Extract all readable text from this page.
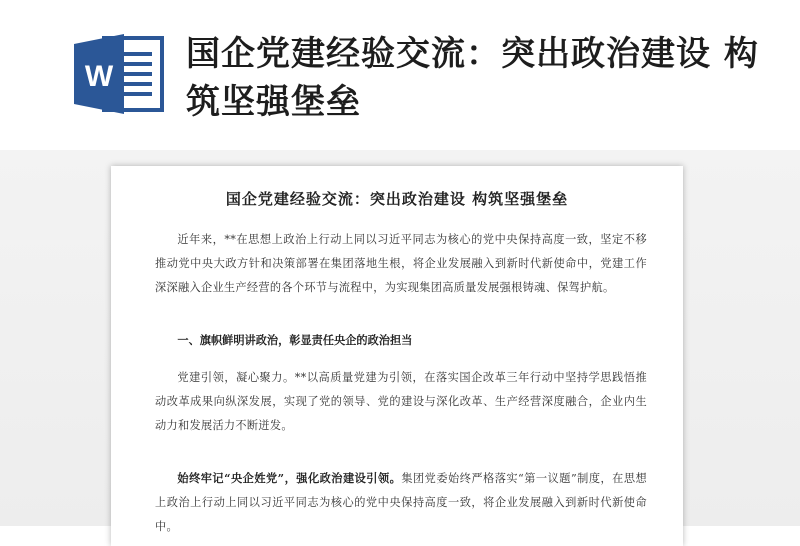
W
国企党建经验交流：突出政治建设 构筑坚强堡垒
国企党建经验交流：突出政治建设 构筑坚强堡垒
近年来，**在思想上政治上行动上同以习近平同志为核心的党中央保持高度一致，坚定不移推动党中央大政方针和决策部署在集团落地生根，将企业发展融入到新时代新使命中，党建工作深深融入企业生产经营的各个环节与流程中，为实现集团高质量发展强根铸魂、保驾护航。
一、旗帜鲜明讲政治，彰显责任央企的政治担当
党建引领，凝心聚力。**以高质量党建为引领，在落实国企改革三年行动中坚持学思践悟推动改革成果向纵深发展，实现了党的领导、党的建设与深化改革、生产经营深度融合，企业内生动力和发展活力不断迸发。
始终牢记“央企姓党”，强化政治建设引领。集团党委始终严格落实“第一议题”制度，在思想上政治上行动上同以习近平同志为核心的党中央保持高度一致，将企业发展融入到新时代新使命中。
